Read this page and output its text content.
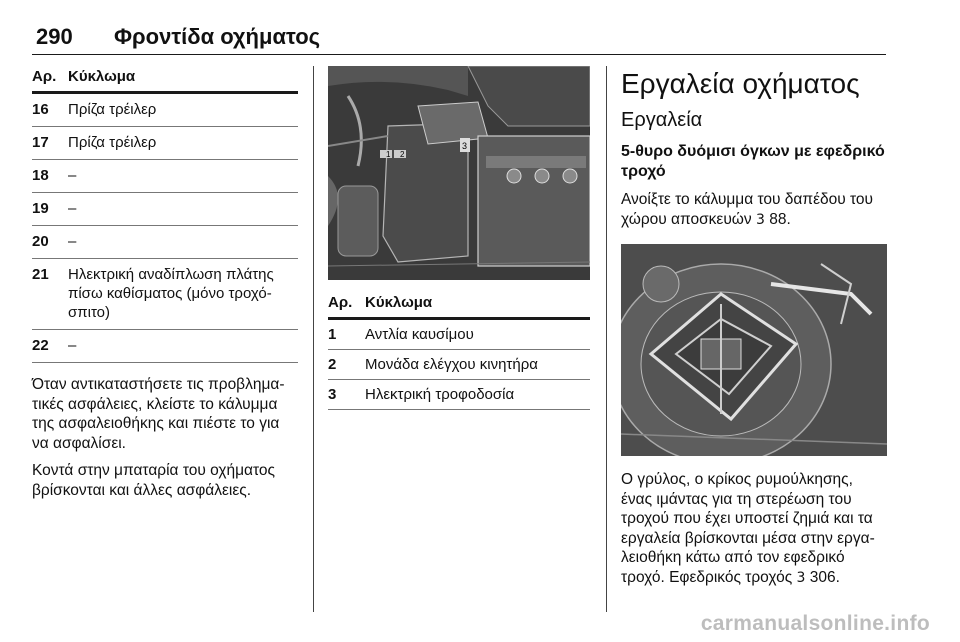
290 Φροντίδα οχήματος
Αρ. Κύκλωμα
16	Πρίζα τρέιλερ
17	Πρίζα τρέιλερ
18	–
19	–
20	–
21	Ηλεκτρική αναδίπλωση πλάτης πίσω καθίσματος (μόνο τροχό-σπιτο)
22	–
Όταν αντικαταστήσετε τις προβλημα-τικές ασφάλειες, κλείστε το κάλυμμα της ασφαλειοθήκης και πιέστε το για να ασφαλίσει.
Κοντά στην μπαταρία του οχήματος βρίσκονται και άλλες ασφάλειες.
1 2
3
Αρ. Κύκλωμα
1	Αντλία καυσίμου
2	Μονάδα ελέγχου κινητήρα
3	Ηλεκτρική τροφοδοσία
Εργαλεία οχήματος
Εργαλεία
5-θυρο δυόμισι όγκων με εφεδρικό τροχό
Ανοίξτε το κάλυμμα του δαπέδου του χώρου αποσκευών 3 88.
Ο γρύλος, ο κρίκος ρυμούλκησης, ένας ιμάντας για τη στερέωση του τροχού που έχει υποστεί ζημιά και τα εργαλεία βρίσκονται μέσα στην εργα-λειοθήκη κάτω από τον εφεδρικό τροχό. Εφεδρικός τροχός 3 306.
carmanualsonline.info
